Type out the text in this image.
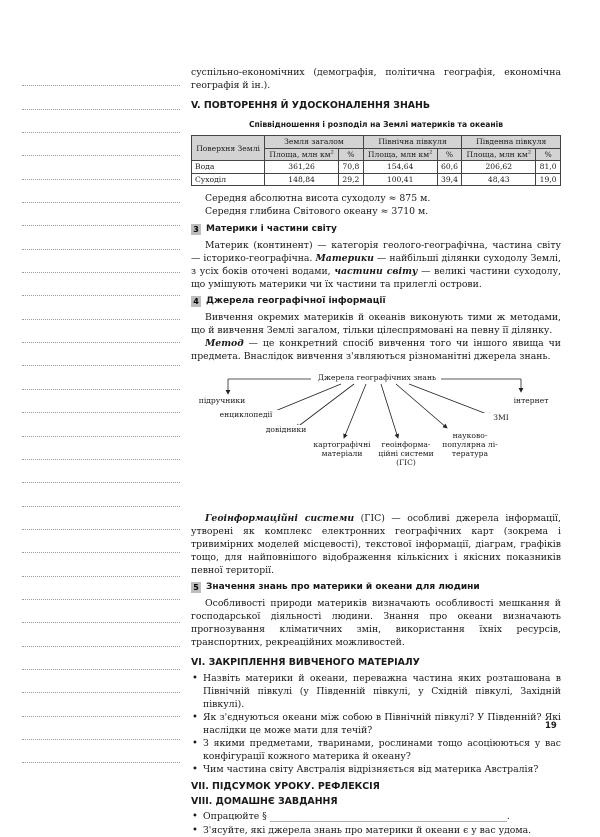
суспільно-економічних (демографія, політична географія, економічна географія й ін.).

V. ПОВТОРЕННЯ Й УДОСКОНАЛЕННЯ ЗНАНЬ
Співвідношення і розподіл на Землі материків та океанів
Поверхня Землі	Земля загалом		Північна півкуля		Південна півкуля	
	Площа, млн $км^2$	%	Площа, млн $км^2$	%	Площа, млн $км^2$	%
Вода	361,26	70,8	154,64	60,6	206,62	81,0
Суходіл	148,84	29,2	100,41	39,4	48,43	19,0

Середня абсолютна висота суходолу ≈ 875 м.

Середня глибина Світового океану ≈ 3710 м.

3 Материки і частини світу

Материк (континент) — категорія геолого-географічна, частина світу — історико-географічна. Материки — найбільші ділянки суходолу Землі, з усіх боків оточені водами, частини світу — великі частини суходолу, що умішують материки чи їх частини та прилеглі острови.

4 Джерела географічної інформації

Вивчення окремих материків й океанів виконують тими ж методами, що й вивчення Землі загалом, тільки цілеспрямовані на певну її ділянку.

Метод — це конкретний спосіб вивчення того чи іншого явища чи предмета. Внаслідок вивчення з'являються різноманітні джерела знань.

Джерела географічних знань
підручники
енциклопедії
довідники
картографічні матеріали
геоінформа-ційні системи (ГІС)
науково-популярна лі-тература
ЗМІ
інтернет

Геоінформаційні системи (ГІС) — особливі джерела інформації, утворені як комплекс електронних географічних карт (зокрема і тривимірних моделей місцевості), текстової інформації, діаграм, графіків тощо, для найповнішого відображення кількісних і якісних показників певної території.

5 Значення знань про материки й океани для людини

Особливості природи материків визначають особливості мешкання й господарської діяльності людини. Знання про океани визначають прогнозування кліматичних змін, використання їхніх ресурсів, транспортних, рекреаційних можливостей.

VI. ЗАКРІПЛЕННЯ ВИВЧЕНОГО МАТЕРІАЛУ
• Назвіть материки й океани, переважна частина яких розташована в Північній півкулі (у Південній півкулі, у Східній півкулі, Західній півкулі).
• Як з'єднуються океани між собою в Північній півкулі? У Південній? Які наслідки це може мати для течій?
• З якими предметами, тваринами, рослинами тощо асоціюються у вас конфігурації кожного материка й океану?
• Чим частина світу Австралія відрізняється від материка Австралія?
VII. ПІДСУМОК УРОКУ. РЕФЛЕКСІЯ
VIII. ДОМАШНЄ ЗАВДАННЯ
• Опрацюйте § ___________________________________________________.
• З'ясуйте, які джерела знань про материки й океани є у вас удома.
19
